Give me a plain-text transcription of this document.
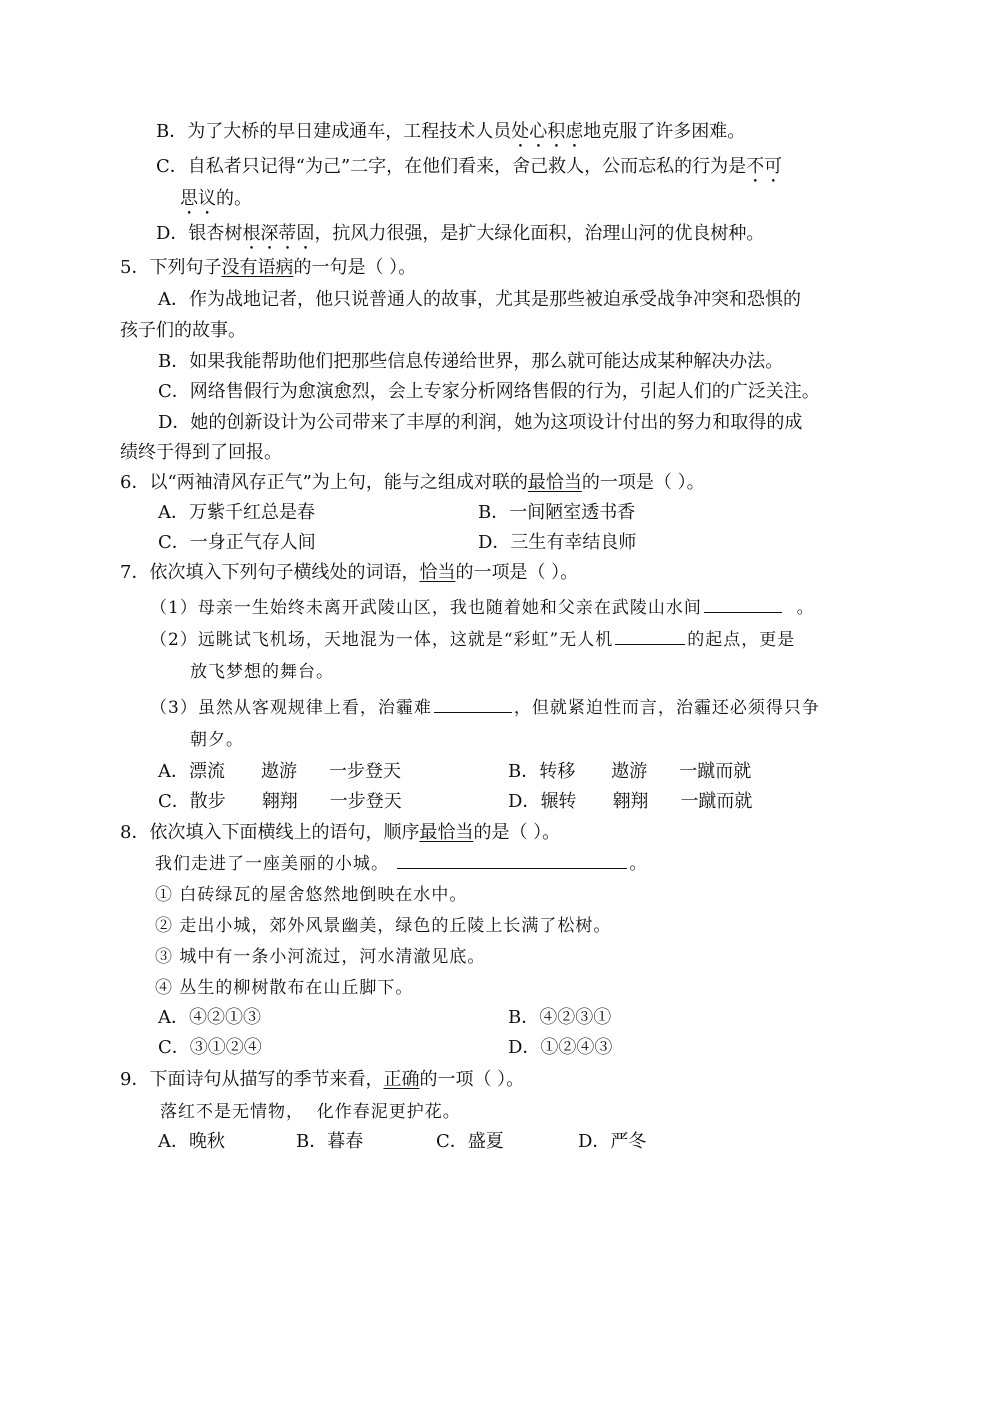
B．为了大桥的早日建成通车，工程技术人员处心积虑地克服了许多困难。
C．自私者只记得“为己”二字，在他们看来，舍己救人，公而忘私的行为是不可
思议的。
D．银杏树根深蒂固，抗风力很强，是扩大绿化面积，治理山河的优良树种。
5．下列句子没有语病的一句是（ ）。
A．作为战地记者，他只说普通人的故事，尤其是那些被迫承受战争冲突和恐惧的
孩子们的故事。
B．如果我能帮助他们把那些信息传递给世界，那么就可能达成某种解决办法。
C．网络售假行为愈演愈烈，会上专家分析网络售假的行为，引起人们的广泛关注。
D．她的创新设计为公司带来了丰厚的利润，她为这项设计付出的努力和取得的成
绩终于得到了回报。
6．以“两袖清风存正气”为上句，能与之组成对联的最恰当的一项是（ ）。
A．万紫千红总是春	B．一间陋室透书香
C．一身正气存人间	D．三生有幸结良师
7．依次填入下列句子横线处的词语，恰当的一项是（ ）。
（1）母亲一生始终未离开武陵山区，我也随着她和父亲在武陵山水间	。
（2）远眺试飞机场，天地混为一体，这就是“彩虹”无人机	的起点，更是
放飞梦想的舞台。
（3）虽然从客观规律上看，治霾难	，但就紧迫性而言，治霾还必须得只争
朝夕。
A．漂流 遨游 一步登天	B．转移 遨游 一蹴而就
C．散步 翱翔 一步登天	D．辗转 翱翔 一蹴而就
8．依次填入下面横线上的语句，顺序最恰当的是（ ）。
我们走进了一座美丽的小城。	。
① 白砖绿瓦的屋舍悠然地倒映在水中。
② 走出小城，郊外风景幽美，绿色的丘陵上长满了松树。
③ 城中有一条小河流过，河水清澈见底。
④ 丛生的柳树散布在山丘脚下。
A．④②①③	B．④②③①
C．③①②④	D．①②④③
9．下面诗句从描写的季节来看，正确的一项（ ）。
落红不是无情物，  化作春泥更护花。
A．晚秋	B．暮春	C．盛夏	D．严冬
